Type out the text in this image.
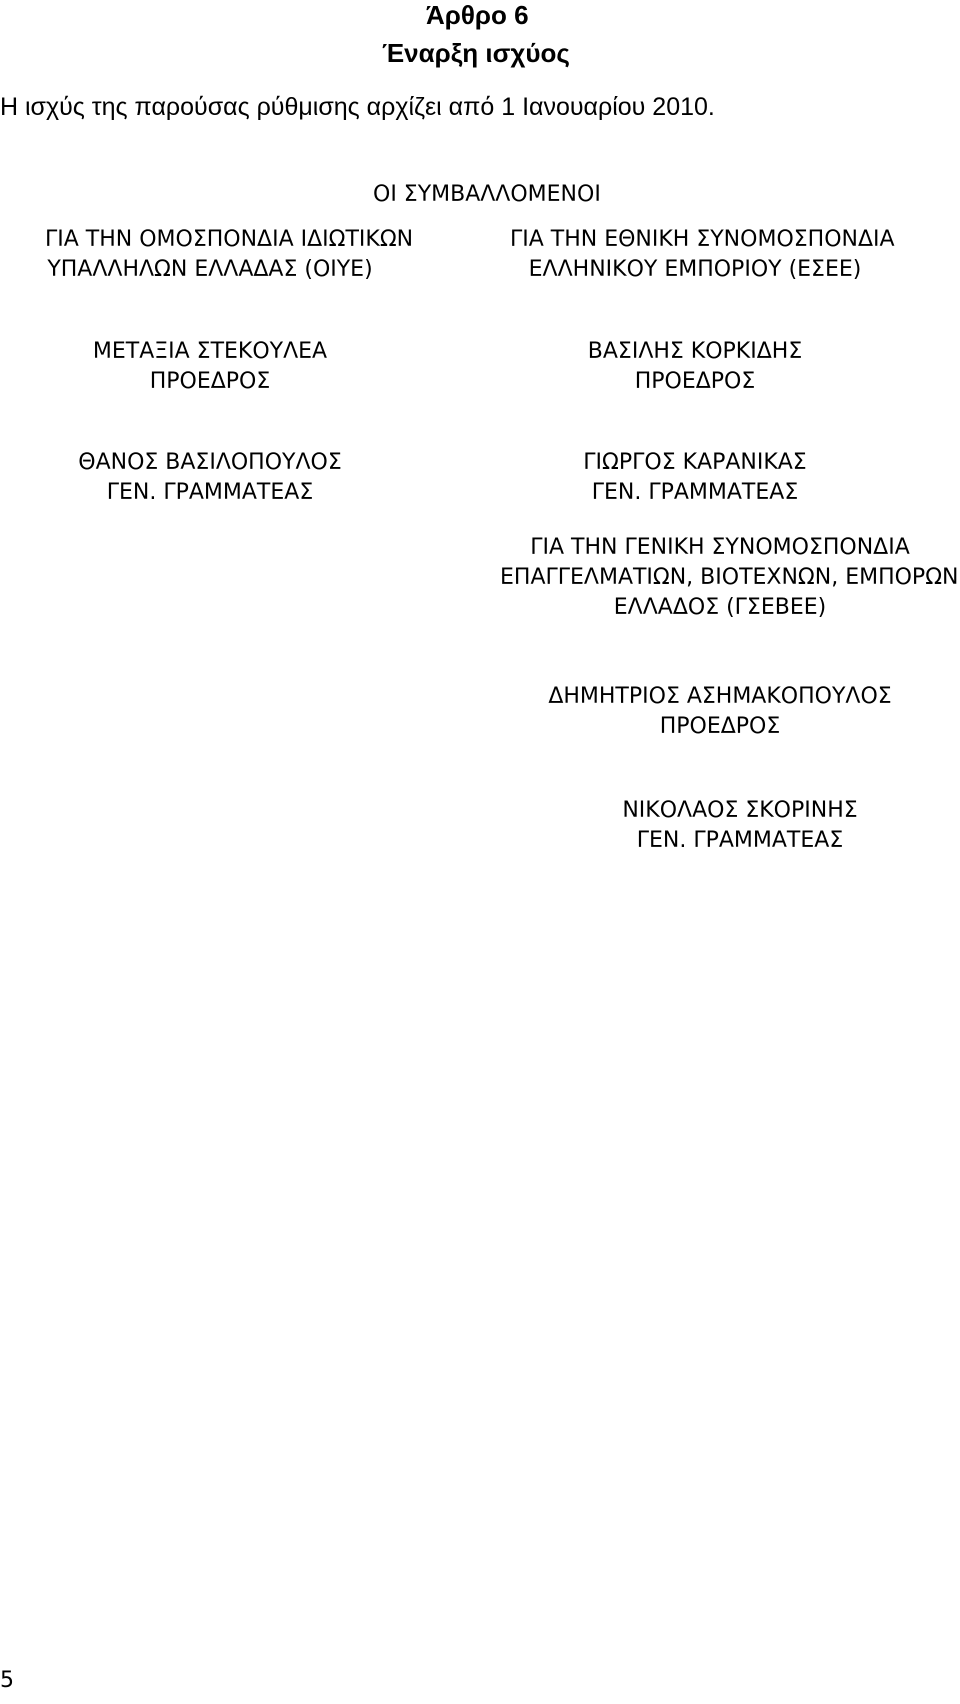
Άρθρο 6
Έναρξη ισχύος
Η ισχύς της παρούσας ρύθμισης αρχίζει από 1 Ιανουαρίου 2010.
ΟΙ ΣΥΜΒΑΛΛΟΜΕΝΟΙ
ΓΙΑ ΤΗΝ ΟΜΟΣΠΟΝΔΙΑ ΙΔΙΩΤΙΚΩΝ
ΥΠΑΛΛΗΛΩΝ ΕΛΛΑΔΑΣ (ΟΙΥΕ)
ΓΙΑ ΤΗΝ ΕΘΝΙΚΗ ΣΥΝΟΜΟΣΠΟΝΔΙΑ
ΕΛΛΗΝΙΚΟΥ ΕΜΠΟΡΙΟΥ (ΕΣΕΕ)
ΜΕΤΑΞΙΑ ΣΤΕΚΟΥΛΕΑ
ΠΡΟΕΔΡΟΣ
ΒΑΣΙΛΗΣ ΚΟΡΚΙΔΗΣ
ΠΡΟΕΔΡΟΣ
ΘΑΝΟΣ ΒΑΣΙΛΟΠΟΥΛΟΣ
ΓΕΝ. ΓΡΑΜΜΑΤΕΑΣ
ΓΙΩΡΓΟΣ ΚΑΡΑΝΙΚΑΣ
ΓΕΝ. ΓΡΑΜΜΑΤΕΑΣ
ΓΙΑ ΤΗΝ ΓΕΝΙΚΗ ΣΥΝΟΜΟΣΠΟΝΔΙΑ
ΕΠΑΓΓΕΛΜΑΤΙΩΝ, ΒΙΟΤΕΧΝΩΝ, ΕΜΠΟΡΩΝ
ΕΛΛΑΔΟΣ (ΓΣΕΒΕΕ)
ΔΗΜΗΤΡΙΟΣ ΑΣΗΜΑΚΟΠΟΥΛΟΣ
ΠΡΟΕΔΡΟΣ
ΝΙΚΟΛΑΟΣ ΣΚΟΡΙΝΗΣ
ΓΕΝ. ΓΡΑΜΜΑΤΕΑΣ
5
